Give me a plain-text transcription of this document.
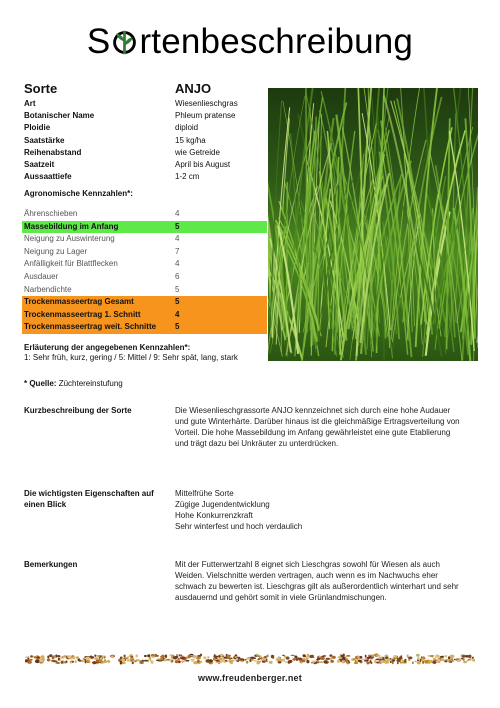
S rtenbeschreibung
Sorte	ANJO
Art	Wiesenlieschgras
Botanischer Name	Phleum pratense
Ploidie	diploid
Saatstärke	15 kg/ha
Reihenabstand	wie Getreide
Saatzeit	April bis August
Aussaattiefe	1-2 cm
Agronomische Kennzahlen*:
Ährenschieben	4
Massebildung im Anfang	5
Neigung zu Auswinterung	4
Neigung zu Lager	7
Anfälligkeit für Blattflecken	4
Ausdauer	6
Narbendichte	5
Trockenmasseertrag Gesamt	5
Trockenmasseertrag 1. Schnitt	4
Trockenmasseertrag weit. Schnitte 5
Erläuterung der angegebenen Kennzahlen*:
1: Sehr früh, kurz, gering / 5: Mittel / 9: Sehr spät, lang, stark
* Quelle: Züchtereinstufung
Kurzbeschreibung der Sorte	Die Wiesenlieschgrassorte ANJO kennzeichnet sich durch eine hohe Audauer
und gute Winterhärte. Darüber hinaus ist die gleichmäßige Ertragsverteilung von
Vorteil. Die hohe Massebildung im Anfang gewährleistet eine gute Etablierung
und trägt dazu bei Unkräuter zu unterdrücken.
Die wichtigsten Eigenschaften auf
einen Blick
Mittelfrühe Sorte
Zügige Jugendentwicklung
Hohe Konkurrenzkraft
Sehr winterfest und hoch verdaulich
Bemerkungen	Mit der Futterwertzahl 8 eignet sich Lieschgras sowohl für Wiesen als auch
Weiden. Vielschnitte werden vertragen, auch wenn es im Nachwuchs eher
schwach zu bewerten ist. Lieschgras gilt als außerordentlich winterhart und sehr
ausdauernd und gehört somit in viele Grünlandmischungen.
www.freudenberger.net
